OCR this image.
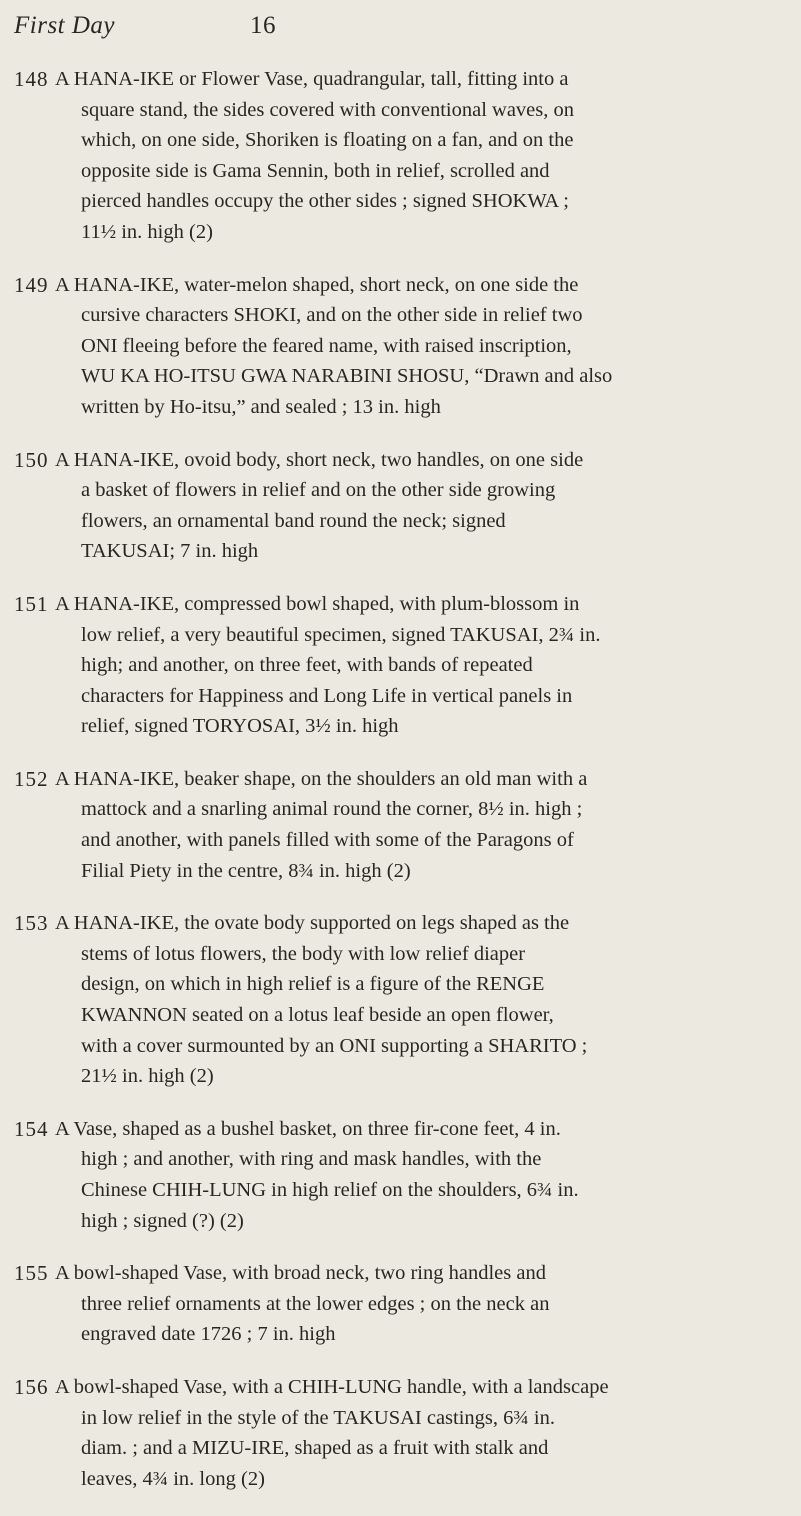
First Day	16
148 A HANA-IKE or Flower Vase, quadrangular, tall, fitting into a
square stand, the sides covered with conventional waves, on
which, on one side, Shoriken is floating on a fan, and on the
opposite side is Gama Sennin, both in relief, scrolled and
pierced handles occupy the other sides ; signed SHOKWA ;
11½ in. high (2)
149 A HANA-IKE, water-melon shaped, short neck, on one side the
cursive characters SHOKI, and on the other side in relief two
ONI fleeing before the feared name, with raised inscription,
WU KA HO-ITSU GWA NARABINI SHOSU, “Drawn and also
written by Ho-itsu,” and sealed ; 13 in. high
150 A HANA-IKE, ovoid body, short neck, two handles, on one side
a basket of flowers in relief and on the other side growing
flowers, an ornamental band round the neck; signed
TAKUSAI; 7 in. high
151 A HANA-IKE, compressed bowl shaped, with plum-blossom in
low relief, a very beautiful specimen, signed TAKUSAI, 2¾ in.
high; and another, on three feet, with bands of repeated
characters for Happiness and Long Life in vertical panels in
relief, signed TORYOSAI, 3½ in. high
152 A HANA-IKE, beaker shape, on the shoulders an old man with a
mattock and a snarling animal round the corner, 8½ in. high ;
and another, with panels filled with some of the Paragons of
Filial Piety in the centre, 8¾ in. high (2)
153 A HANA-IKE, the ovate body supported on legs shaped as the
stems of lotus flowers, the body with low relief diaper
design, on which in high relief is a figure of the RENGE
KWANNON seated on a lotus leaf beside an open flower,
with a cover surmounted by an ONI supporting a SHARITO ;
21½ in. high (2)
154 A Vase, shaped as a bushel basket, on three fir-cone feet, 4 in.
high ; and another, with ring and mask handles, with the
Chinese CHIH-LUNG in high relief on the shoulders, 6¾ in.
high ; signed (?) (2)
155 A bowl-shaped Vase, with broad neck, two ring handles and
three relief ornaments at the lower edges ; on the neck an
engraved date 1726 ; 7 in. high
156 A bowl-shaped Vase, with a CHIH-LUNG handle, with a landscape
in low relief in the style of the TAKUSAI castings, 6¾ in.
diam. ; and a MIZU-IRE, shaped as a fruit with stalk and
leaves, 4¾ in. long (2)
